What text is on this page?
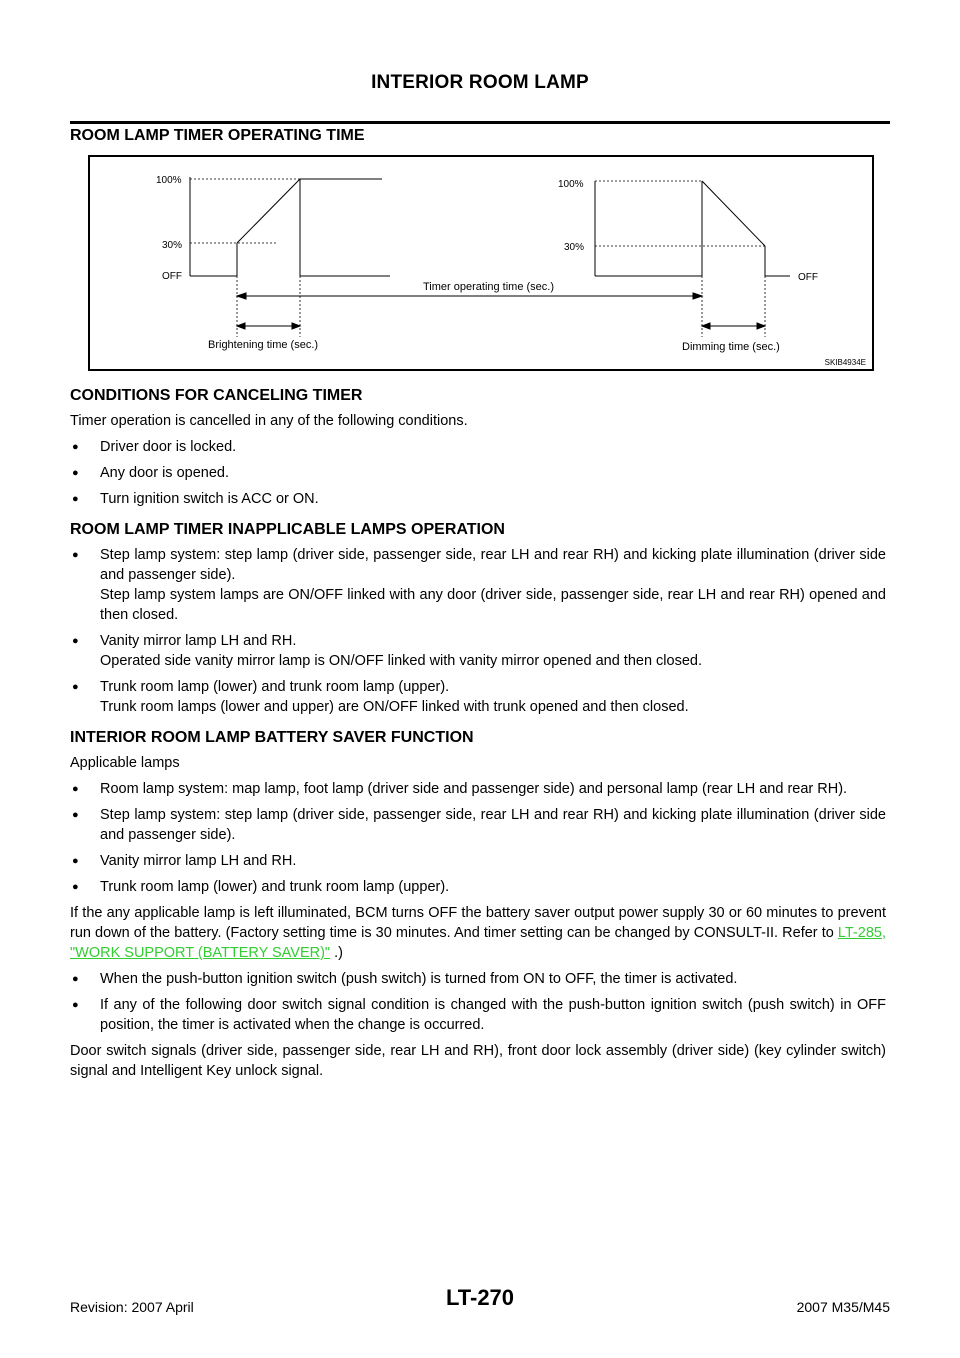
INTERIOR ROOM LAMP
ROOM LAMP TIMER OPERATING TIME
100%
30%
OFF
100%
30%
OFF
Timer operating time (sec.)
Brightening time (sec.)	Dimming time (sec.)
SKIB4934E
CONDITIONS FOR CANCELING TIMER

Timer operation is cancelled in any of the following conditions.

● Driver door is locked.
● Any door is opened.
● Turn ignition switch is ACC or ON.
ROOM LAMP TIMER INAPPLICABLE LAMPS OPERATION
● Step lamp system: step lamp (driver side, passenger side, rear LH and rear RH) and kicking plate illumination (driver side and passenger side).
Step lamp system lamps are ON/OFF linked with any door (driver side, passenger side, rear LH and rear RH) opened and then closed.
● Vanity mirror lamp LH and RH.
Operated side vanity mirror lamp is ON/OFF linked with vanity mirror opened and then closed.
● Trunk room lamp (lower) and trunk room lamp (upper).
Trunk room lamps (lower and upper) are ON/OFF linked with trunk opened and then closed.
INTERIOR ROOM LAMP BATTERY SAVER FUNCTION

Applicable lamps

● Room lamp system: map lamp, foot lamp (driver side and passenger side) and personal lamp (rear LH and rear RH).
● Step lamp system: step lamp (driver side, passenger side, rear LH and rear RH) and kicking plate illumination (driver side and passenger side).
● Vanity mirror lamp LH and RH.
● Trunk room lamp (lower) and trunk room lamp (upper).

If the any applicable lamp is left illuminated, BCM turns OFF the battery saver output power supply 30 or 60 minutes to prevent run down of the battery. (Factory setting time is 30 minutes. And timer setting can be changed by CONSULT-II. Refer to LT-285, "WORK SUPPORT (BATTERY SAVER)" .)

● When the push-button ignition switch (push switch) is turned from ON to OFF, the timer is activated.
● If any of the following door switch signal condition is changed with the push-button ignition switch (push switch) in OFF position, the timer is activated when the change is occurred.

Door switch signals (driver side, passenger side, rear LH and RH), front door lock assembly (driver side) (key cylinder switch) signal and Intelligent Key unlock signal.

Revision: 2007 April	LT-270	2007 M35/M45
